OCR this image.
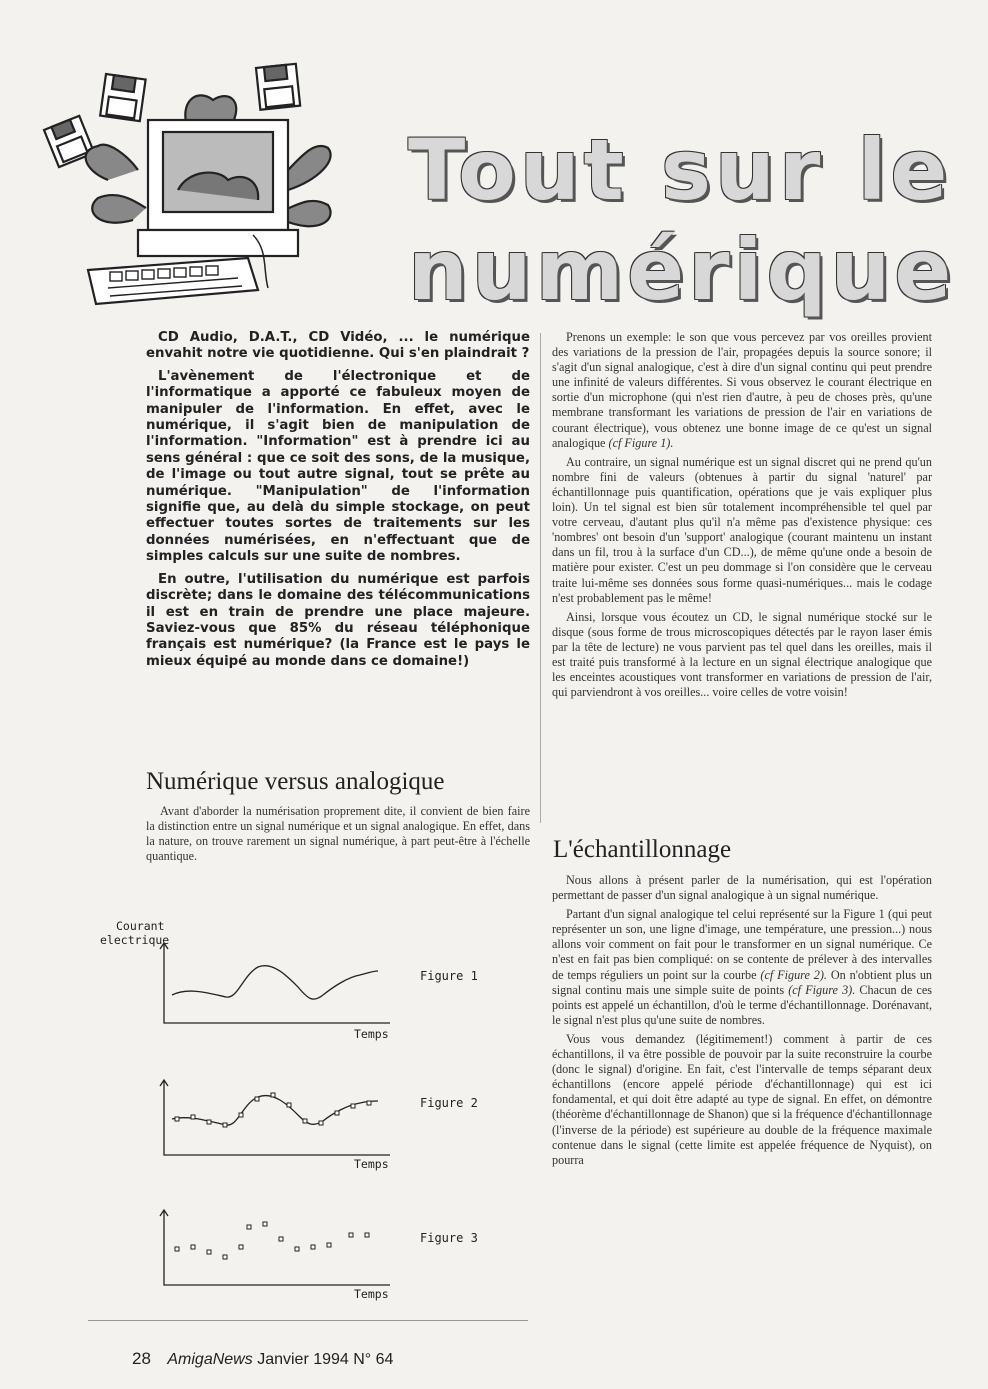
Tout sur le
numérique

CD Audio, D.A.T., CD Vidéo, ... le numérique envahit notre vie quotidienne. Qui s'en plaindrait ?

L'avènement de l'électronique et de l'informatique a apporté ce fabuleux moyen de manipuler de l'information. En effet, avec le numérique, il s'agit bien de manipulation de l'information. "Information" est à prendre ici au sens général : que ce soit des sons, de la musique, de l'image ou tout autre signal, tout se prête au numérique. "Manipulation" de l'information signifie que, au delà du simple stockage, on peut effectuer toutes sortes de traitements sur les données numérisées, en n'effectuant que de simples calculs sur une suite de nombres.

En outre, l'utilisation du numérique est parfois discrète; dans le domaine des télécommunications il est en train de prendre une place majeure. Saviez-vous que 85% du réseau téléphonique français est numérique? (la France est le pays le mieux équipé au monde dans ce domaine!)

Numérique versus analogique

Avant d'aborder la numérisation proprement dite, il convient de bien faire la distinction entre un signal numérique et un signal analogique. En effet, dans la nature, on trouve rarement un signal numérique, à part peut-être à l'échelle quantique.

Prenons un exemple: le son que vous percevez par vos oreilles provient des variations de la pression de l'air, propagées depuis la source sonore; il s'agit d'un signal analogique, c'est à dire d'un signal continu qui peut prendre une infinité de valeurs différentes. Si vous observez le courant électrique en sortie d'un microphone (qui n'est rien d'autre, à peu de choses près, qu'une membrane transformant les variations de pression de l'air en variations de courant électrique), vous obtenez une bonne image de ce qu'est un signal analogique (cf Figure 1).

Au contraire, un signal numérique est un signal discret qui ne prend qu'un nombre fini de valeurs (obtenues à partir du signal 'naturel' par échantillonnage puis quantification, opérations que je vais expliquer plus loin). Un tel signal est bien sûr totalement incompréhensible tel quel par votre cerveau, d'autant plus qu'il n'a même pas d'existence physique: ces 'nombres' ont besoin d'un 'support' analogique (courant maintenu un instant dans un fil, trou à la surface d'un CD...), de même qu'une onde a besoin de matière pour exister. C'est un peu dommage si l'on considère que le cerveau traite lui-même ses données sous forme quasi-numériques... mais le codage n'est probablement pas le même!

Ainsi, lorsque vous écoutez un CD, le signal numérique stocké sur le disque (sous forme de trous microscopiques détectés par le rayon laser émis par la tête de lecture) ne vous parvient pas tel quel dans les oreilles, mais il est traité puis transformé à la lecture en un signal électrique analogique que les enceintes acoustiques vont transformer en variations de pression de l'air, qui parviendront à vos oreilles... voire celles de votre voisin!

L'échantillonnage

Nous allons à présent parler de la numérisation, qui est l'opération permettant de passer d'un signal analogique à un signal numérique.

Partant d'un signal analogique tel celui représenté sur la Figure 1 (qui peut représenter un son, une ligne d'image, une température, une pression...) nous allons voir comment on fait pour le transformer en un signal numérique. Ce n'est en fait pas bien compliqué: on se contente de prélever à des intervalles de temps réguliers un point sur la courbe (cf Figure 2). On n'obtient plus un signal continu mais une simple suite de points (cf Figure 3). Chacun de ces points est appelé un échantillon, d'où le terme d'échantillonnage. Dorénavant, le signal n'est plus qu'une suite de nombres.

Vous vous demandez (légitimement!) comment à partir de ces échantillons, il va être possible de pouvoir par la suite reconstruire la courbe (donc le signal) d'origine. En fait, c'est l'intervalle de temps séparant deux échantillons (encore appelé période d'échantillonnage) qui est ici fondamental, et qui doit être adapté au type de signal. En effet, on démontre (théorème d'échantillonnage de Shanon) que si la fréquence d'échantillonnage (l'inverse de la période) est supérieure au double de la fréquence maximale contenue dans le signal (cette limite est appelée fréquence de Nyquist), on pourra

Courant
electrique
Temps
Temps
Temps
Figure 1
Figure 2
Figure 3
28 AmigaNews Janvier 1994 N° 64
